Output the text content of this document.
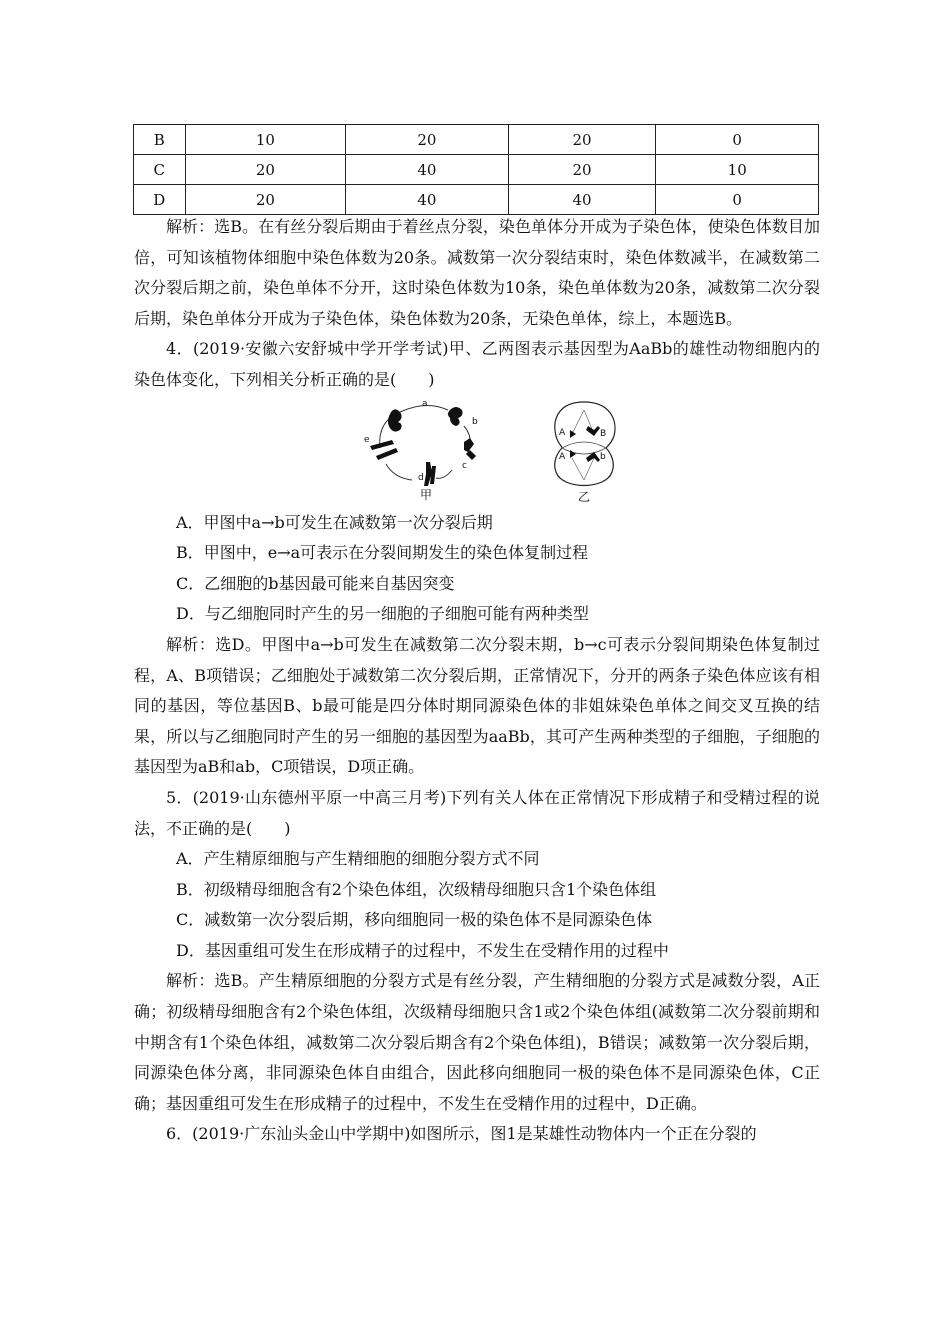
B	10	20	20	0
C	20	40	20	10
D	20	40	40	0

解析：选B。在有丝分裂后期由于着丝点分裂，染色单体分开成为子染色体，使染色体数目加倍，可知该植物体细胞中染色体数为20条。减数第一次分裂结束时，染色体数减半，在减数第二次分裂后期之前，染色单体不分开，这时染色体数为10条，染色单体数为20条，减数第二次分裂后期，染色单体分开成为子染色体，染色体数为20条，无染色单体，综上，本题选B。

4．(2019·安徽六安舒城中学开学考试)甲、乙两图表示基因型为AaBb的雄性动物细胞内的染色体变化，下列相关分析正确的是(　　)

a
b
c
d
e
甲
A	B
A	b
乙

A．甲图中a→b可发生在减数第一次分裂后期

B．甲图中，e→a可表示在分裂间期发生的染色体复制过程

C．乙细胞的b基因最可能来自基因突变

D．与乙细胞同时产生的另一细胞的子细胞可能有两种类型

解析：选D。甲图中a→b可发生在减数第二次分裂末期，b→c可表示分裂间期染色体复制过程，A、B项错误；乙细胞处于减数第二次分裂后期，正常情况下，分开的两条子染色体应该有相同的基因，等位基因B、b最可能是四分体时期同源染色体的非姐妹染色单体之间交叉互换的结果，所以与乙细胞同时产生的另一细胞的基因型为aaBb，其可产生两种类型的子细胞，子细胞的基因型为aB和ab，C项错误，D项正确。

5．(2019·山东德州平原一中高三月考)下列有关人体在正常情况下形成精子和受精过程的说法，不正确的是(　　)

A．产生精原细胞与产生精细胞的细胞分裂方式不同

B．初级精母细胞含有2个染色体组，次级精母细胞只含1个染色体组

C．减数第一次分裂后期，移向细胞同一极的染色体不是同源染色体

D．基因重组可发生在形成精子的过程中，不发生在受精作用的过程中

解析：选B。产生精原细胞的分裂方式是有丝分裂，产生精细胞的分裂方式是减数分裂，A正确；初级精母细胞含有2个染色体组，次级精母细胞只含1或2个染色体组(减数第二次分裂前期和中期含有1个染色体组，减数第二次分裂后期含有2个染色体组)，B错误；减数第一次分裂后期，同源染色体分离，非同源染色体自由组合，因此移向细胞同一极的染色体不是同源染色体，C正确；基因重组可发生在形成精子的过程中，不发生在受精作用的过程中，D正确。

6．(2019·广东汕头金山中学期中)如图所示，图1是某雄性动物体内一个正在分裂的
